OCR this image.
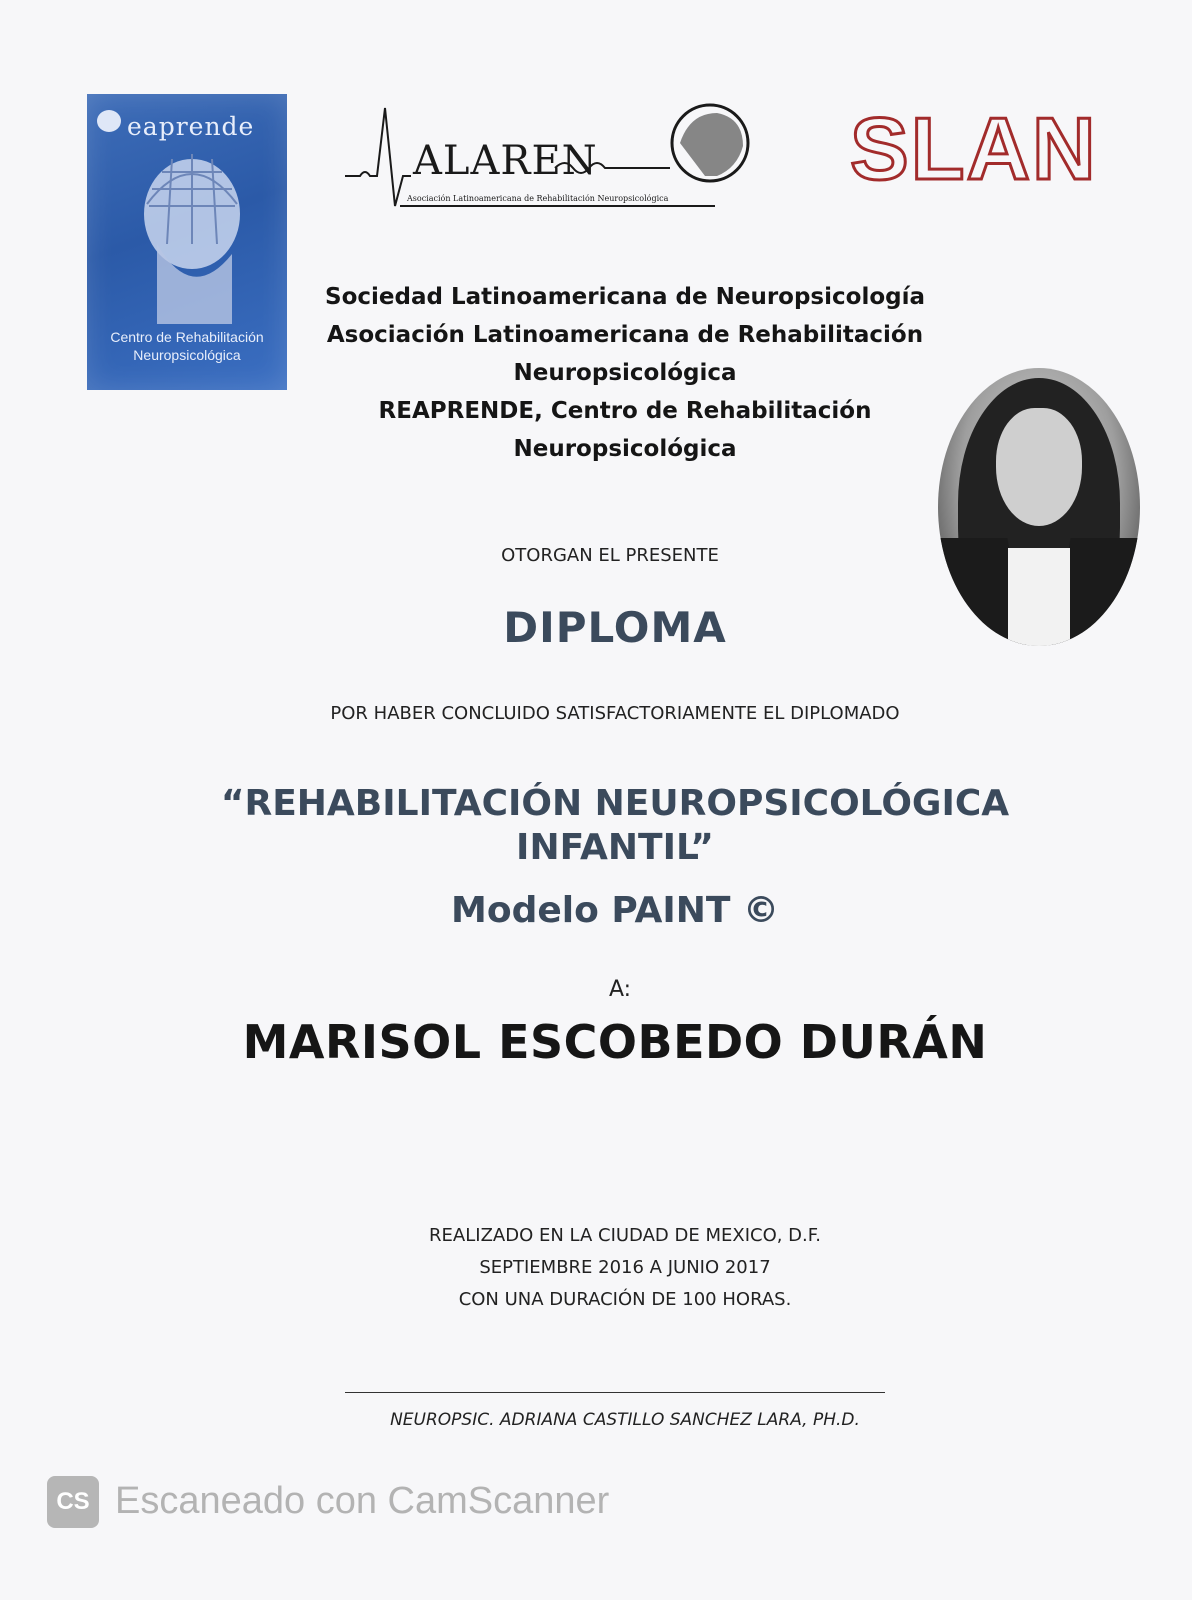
eaprende
Centro de Rehabilitación
Neuropsicológica
ALAREN
Asociación Latinoamericana de Rehabilitación Neuropsicológica
SLAN
Sociedad Latinoamericana de Neuropsicología
Asociación Latinoamericana de Rehabilitación
Neuropsicológica
REAPRENDE, Centro de Rehabilitación
Neuropsicológica
OTORGAN EL PRESENTE
DIPLOMA
POR HABER CONCLUIDO SATISFACTORIAMENTE EL DIPLOMADO
“REHABILITACIÓN NEUROPSICOLÓGICA
INFANTIL”
Modelo PAINT ©
A:
MARISOL ESCOBEDO DURÁN
REALIZADO EN LA CIUDAD DE MEXICO, D.F.
SEPTIEMBRE 2016 A JUNIO 2017
CON UNA DURACIÓN DE 100 HORAS.
NEUROPSIC. ADRIANA CASTILLO SANCHEZ LARA, PH.D.
CS Escaneado con CamScanner
